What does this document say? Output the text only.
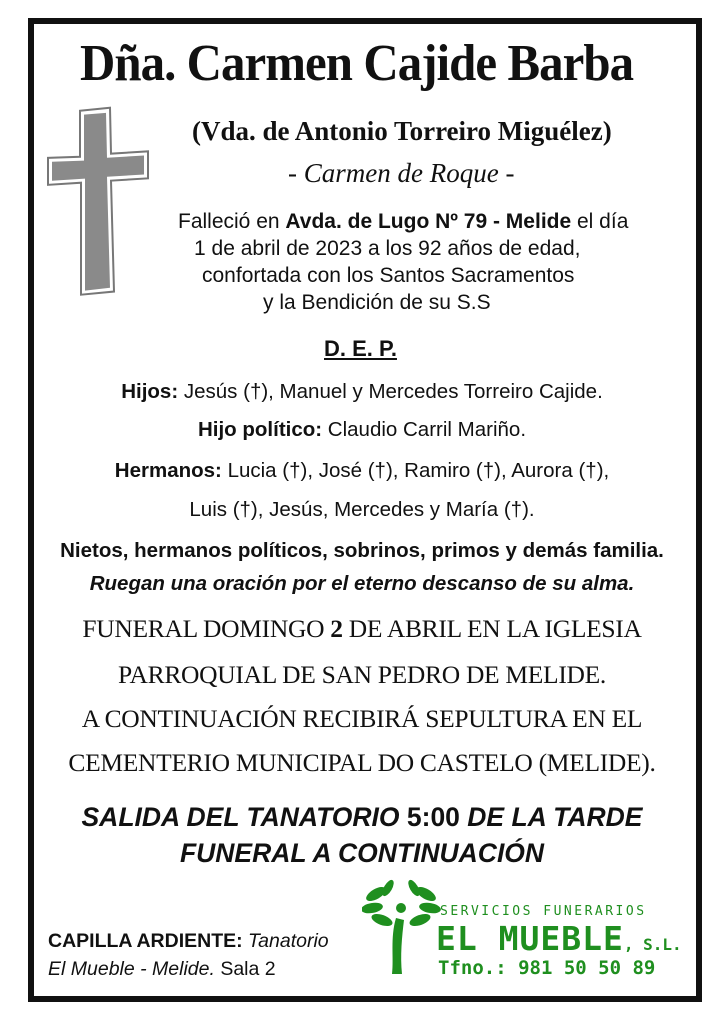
Dña. Carmen Cajide Barba
(Vda. de Antonio Torreiro Miguélez)
- Carmen de Roque -
Falleció en Avda. de Lugo Nº 79 - Melide el día
1 de abril de 2023 a los 92 años de edad,
confortada con los Santos Sacramentos
y la Bendición de su S.S
D. E. P.
Hijos: Jesús (†), Manuel y Mercedes Torreiro Cajide.
Hijo político: Claudio Carril Mariño.
Hermanos: Lucia (†), José (†), Ramiro (†), Aurora (†),
Luis (†), Jesús, Mercedes y María (†).
Nietos, hermanos políticos, sobrinos, primos y demás familia.
Ruegan una oración por el eterno descanso de su alma.
FUNERAL DOMINGO 2 DE ABRIL EN LA IGLESIA
PARROQUIAL DE SAN PEDRO DE MELIDE.
A CONTINUACIÓN RECIBIRÁ SEPULTURA EN EL
CEMENTERIO MUNICIPAL DO CASTELO (MELIDE).
SALIDA DEL TANATORIO 5:00 DE LA TARDE
FUNERAL A CONTINUACIÓN
CAPILLA ARDIENTE: Tanatorio
El Mueble - Melide. Sala 2
SERVICIOS FUNERARIOS
EL MUEBLE, S.L.
Tfno.: 981 50 50 89
